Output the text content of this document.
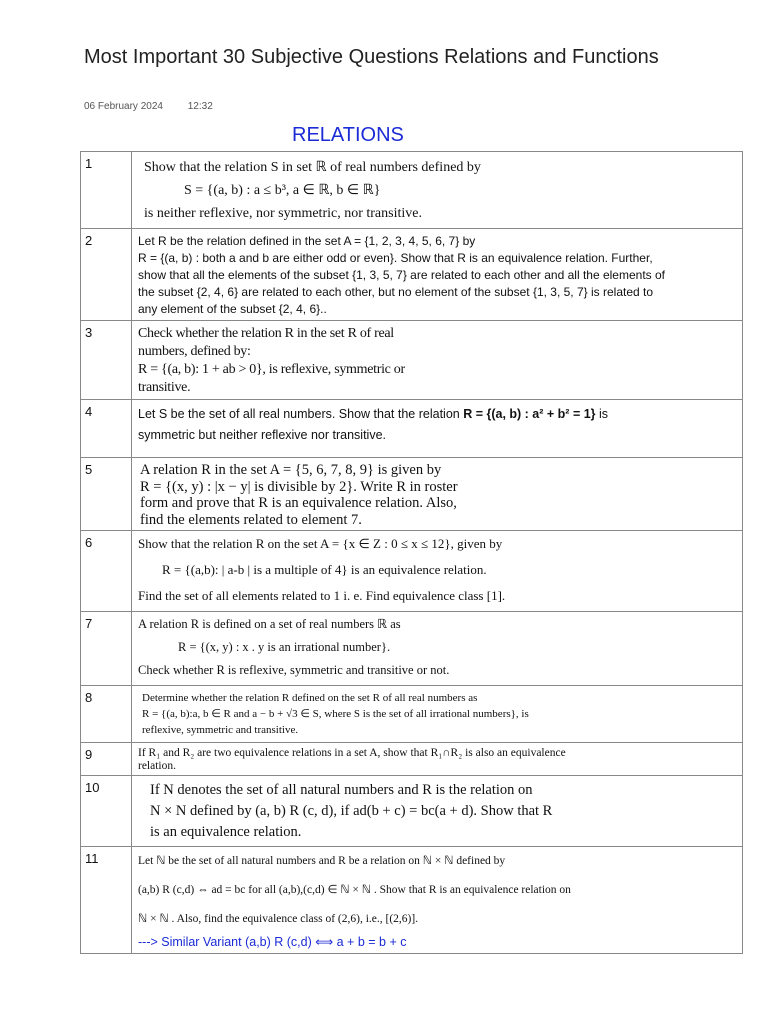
Most Important 30 Subjective Questions Relations and Functions
06 February 2024 12:32
RELATIONS
1	Show that the relation S in set ℝ of real numbers defined by
S = {(a, b) : a ≤ b³, a ∈ ℝ, b ∈ ℝ}
is neither reflexive, nor symmetric, nor transitive.

2	Let R be the relation defined in the set A = {1, 2, 3, 4, 5, 6, 7} by
R = {(a, b) : both a and b are either odd or even}. Show that R is an equivalence relation. Further,
show that all the elements of the subset {1, 3, 5, 7} are related to each other and all the elements of
the subset {2, 4, 6} are related to each other, but no element of the subset {1, 3, 5, 7} is related to
any element of the subset {2, 4, 6}..

3	Check whether the relation R in the set R of real
numbers, defined by:
R = {(a, b): 1 + ab > 0}, is reflexive, symmetric or
transitive.

4	Let S be the set of all real numbers. Show that the relation R = {(a, b) : a² + b² = 1} is
symmetric but neither reflexive nor transitive.

5	A relation R in the set A = {5, 6, 7, 8, 9} is given by
R = {(x, y) : |x − y| is divisible by 2}. Write R in roster
form and prove that R is an equivalence relation. Also,
find the elements related to element 7.

6	Show that the relation R on the set A = {x ∈ Z : 0 ≤ x ≤ 12}, given by
R = {(a,b): | a-b | is a multiple of 4} is an equivalence relation.
Find the set of all elements related to 1 i. e. Find equivalence class [1].

7	A relation R is defined on a set of real numbers ℝ as
R = {(x, y) : x . y is an irrational number}.
Check whether R is reflexive, symmetric and transitive or not.

8	Determine whether the relation R defined on the set R of all real numbers as
R = {(a, b):a, b ∈ R and a − b + √3 ∈ S, where S is the set of all irrational numbers}, is
reflexive, symmetric and transitive.

9	If R₁ and R₂ are two equivalence relations in a set A, show that R₁∩R₂ is also an equivalence
relation.

10	If N denotes the set of all natural numbers and R is the relation on
N × N defined by (a, b) R (c, d), if ad(b + c) = bc(a + d). Show that R
is an equivalence relation.

11	Let ℕ be the set of all natural numbers and R be a relation on ℕ × ℕ defined by
(a,b) R (c,d) ⇔ ad = bc for all (a,b),(c,d) ∈ ℕ × ℕ . Show that R is an equivalence relation on
ℕ × ℕ . Also, find the equivalence class of (2,6), i.e., [(2,6)].
---> Similar Variant (a,b) R (c,d) ⟺ a + b = b + c
